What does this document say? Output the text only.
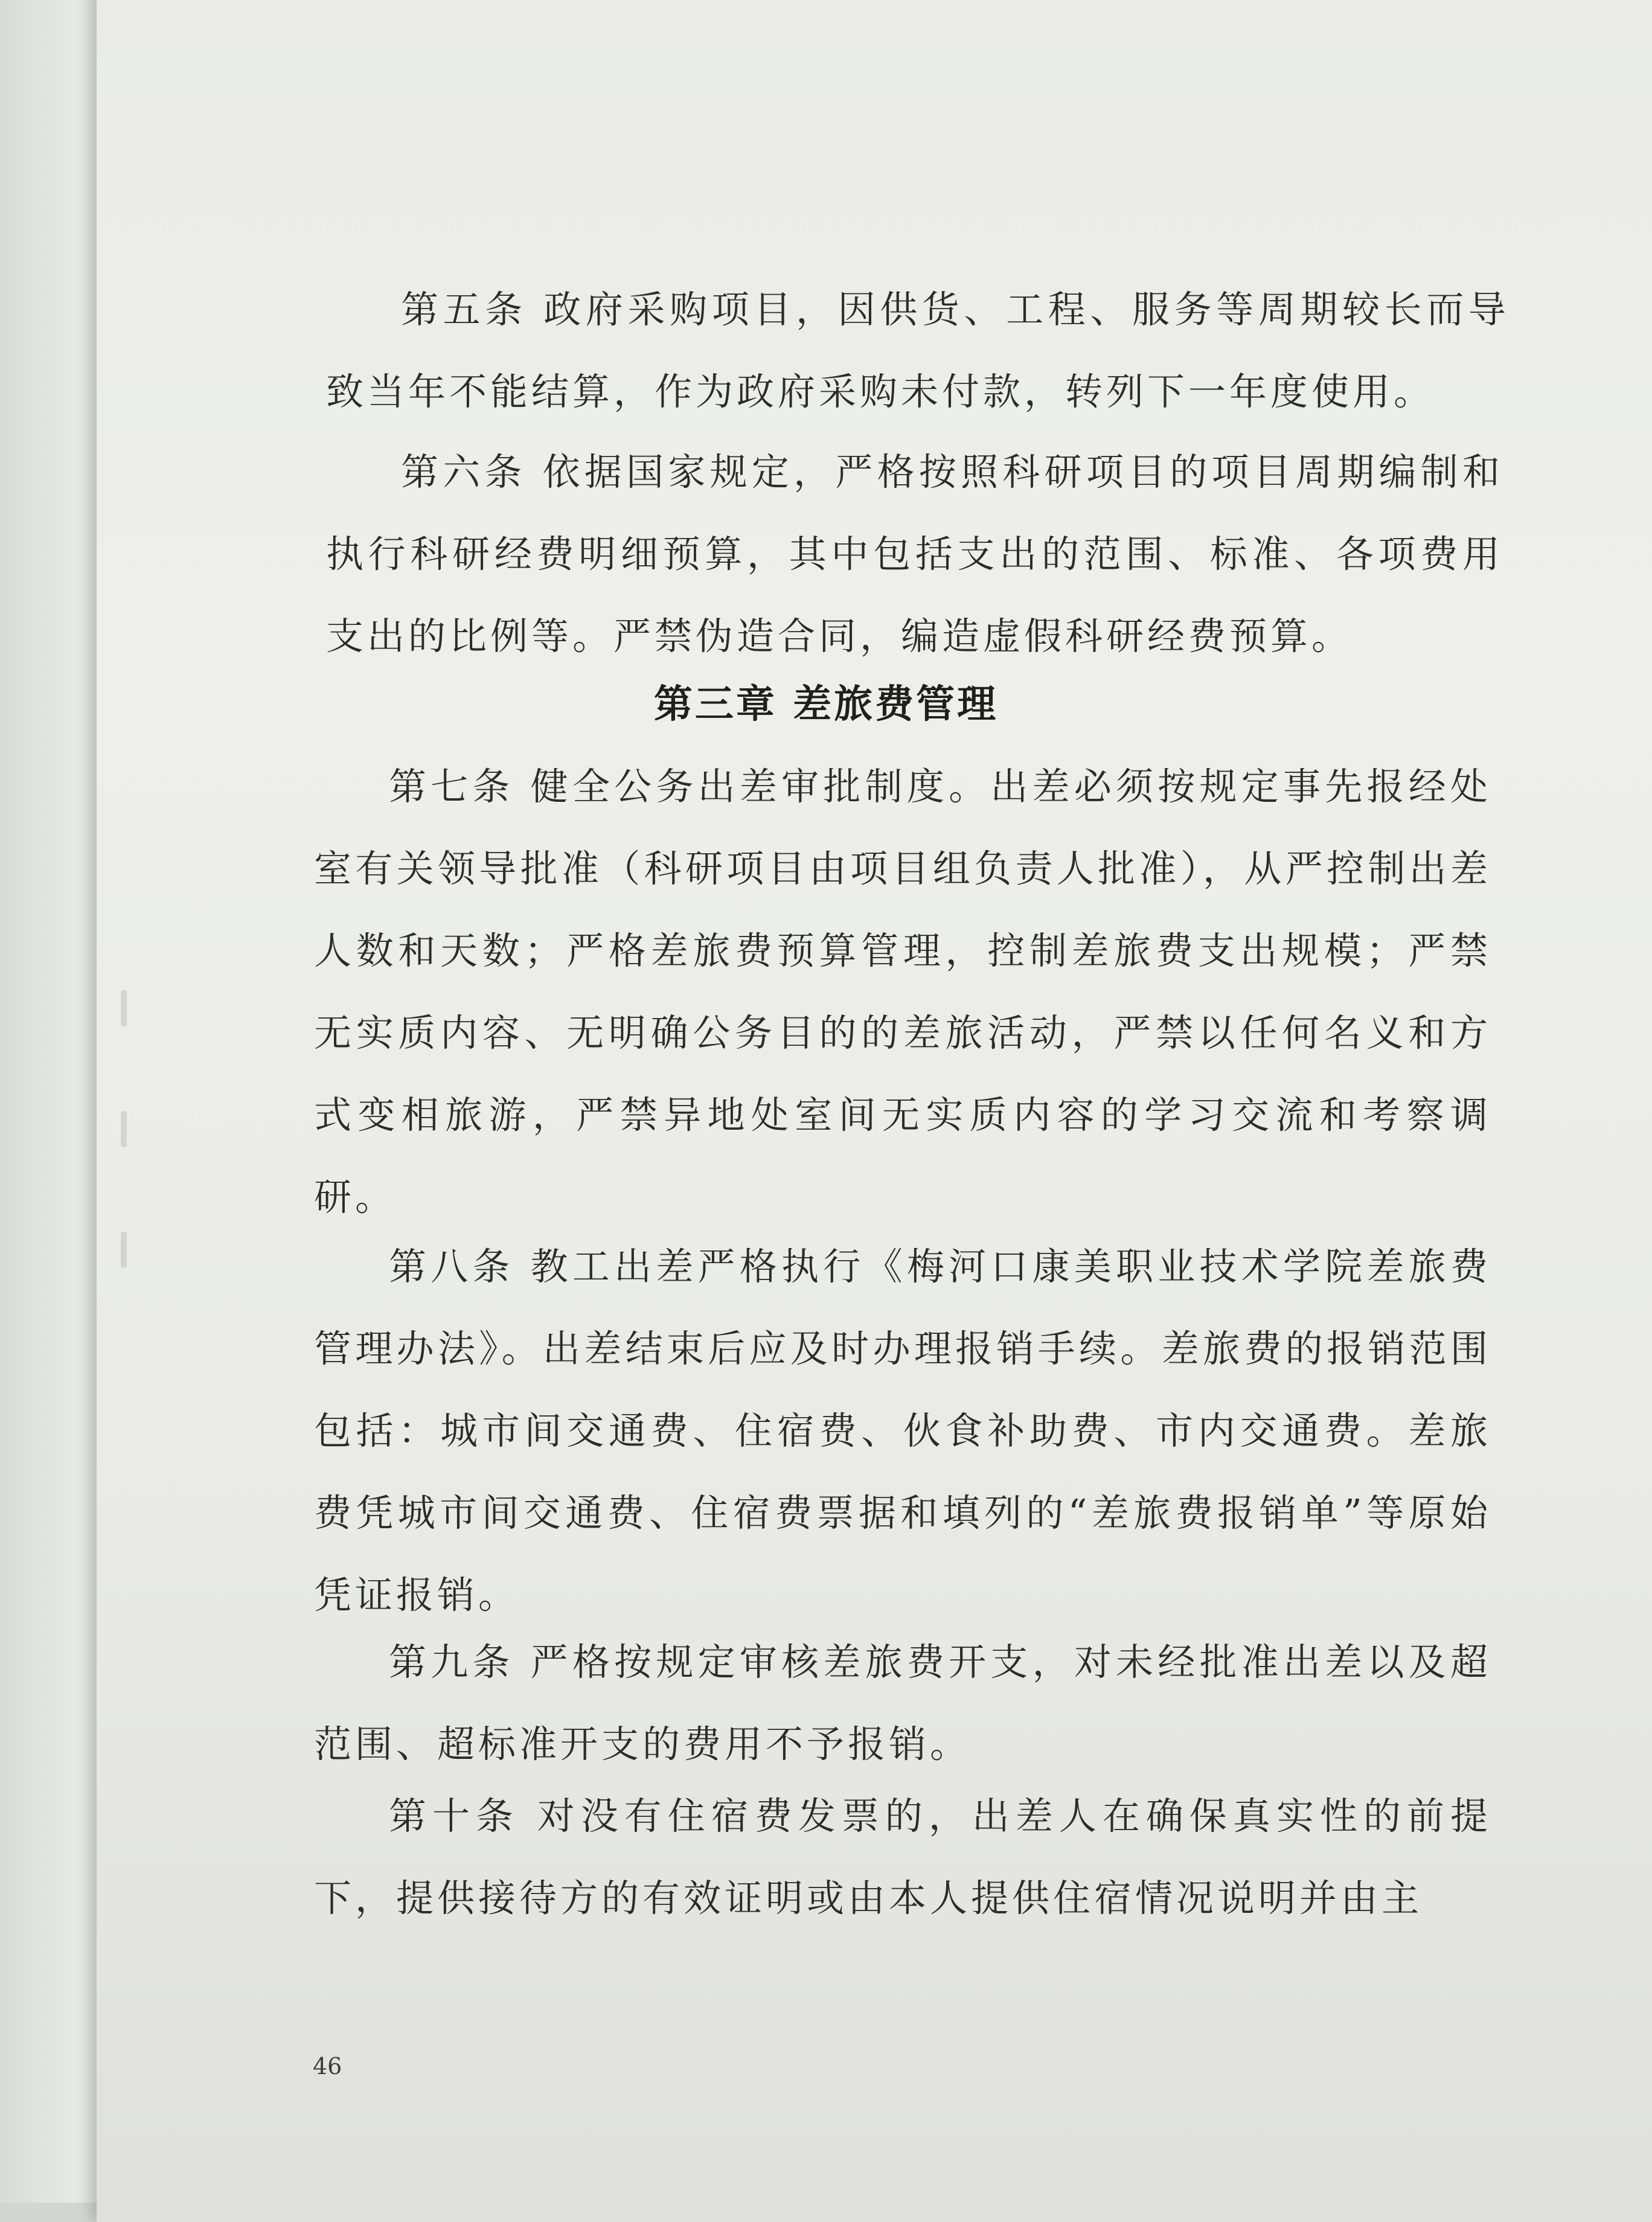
第五条 政府采购项目，因供货、工程、服务等周期较长而导致当年不能结算，作为政府采购未付款，转列下一年度使用。

第六条 依据国家规定，严格按照科研项目的项目周期编制和执行科研经费明细预算，其中包括支出的范围、标准、各项费用支出的比例等。严禁伪造合同，编造虚假科研经费预算。

第三章 差旅费管理

第七条 健全公务出差审批制度。出差必须按规定事先报经处室有关领导批准（科研项目由项目组负责人批准），从严控制出差人数和天数；严格差旅费预算管理，控制差旅费支出规模；严禁无实质内容、无明确公务目的的差旅活动，严禁以任何名义和方式变相旅游，严禁异地处室间无实质内容的学习交流和考察调研。

第八条 教工出差严格执行《梅河口康美职业技术学院差旅费管理办法》。出差结束后应及时办理报销手续。差旅费的报销范围包括：城市间交通费、住宿费、伙食补助费、市内交通费。差旅费凭城市间交通费、住宿费票据和填列的“差旅费报销单”等原始凭证报销。

第九条 严格按规定审核差旅费开支，对未经批准出差以及超范围、超标准开支的费用不予报销。

第十条 对没有住宿费发票的，出差人在确保真实性的前提下，提供接待方的有效证明或由本人提供住宿情况说明并由主

46
